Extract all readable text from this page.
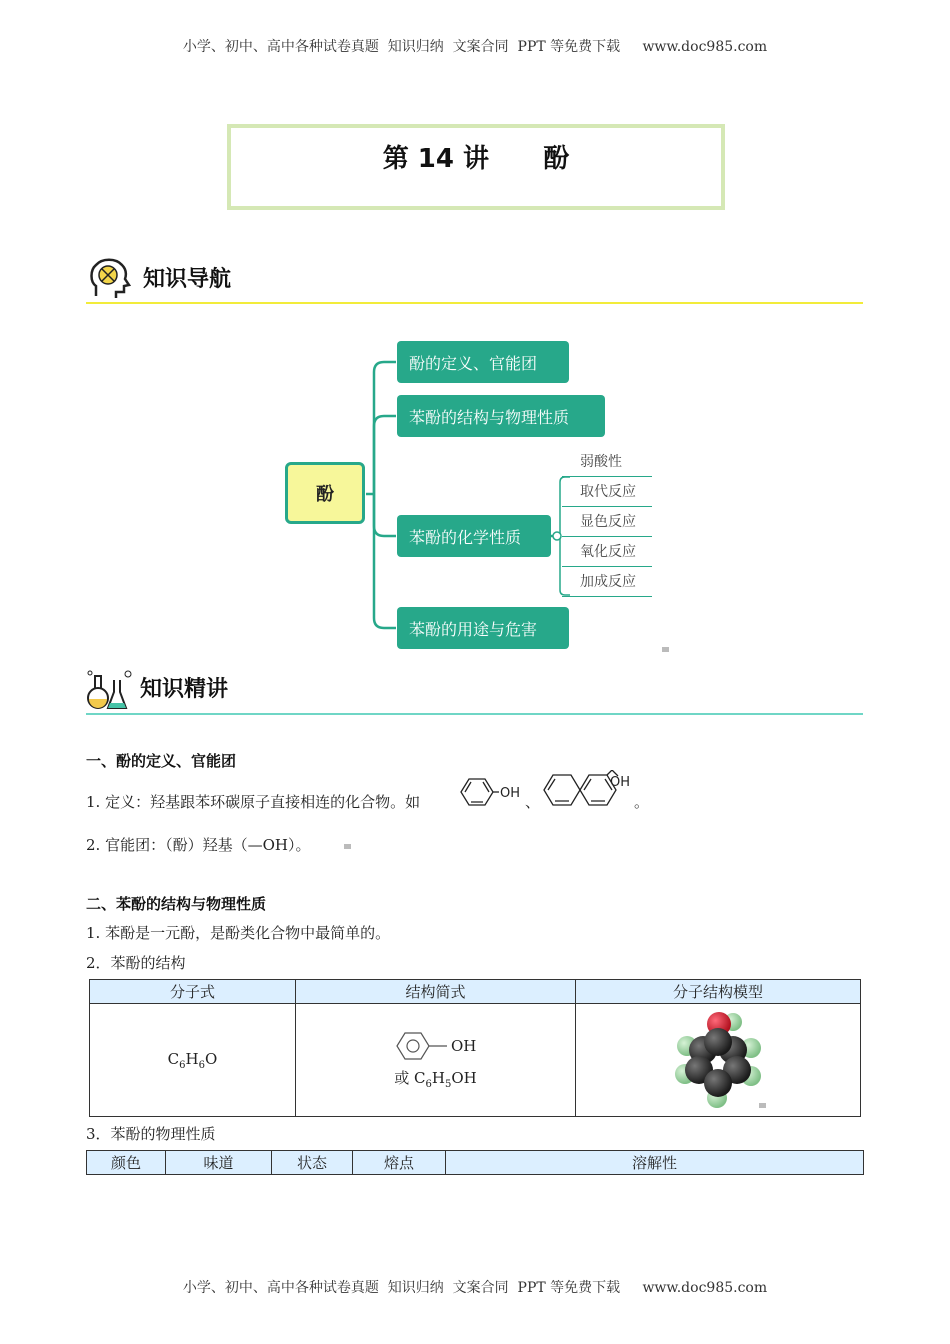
小学、初中、高中各种试卷真题  知识归纳  文案合同  PPT 等免费下载     www.doc985.com
第 14 讲      酚
知识导航
酚
酚的定义、官能团
苯酚的结构与物理性质
苯酚的化学性质
苯酚的用途与危害
弱酸性
取代反应
显色反应
氧化反应
加成反应
知识精讲
一、酚的定义、官能团
1. 定义：羟基跟苯环碳原子直接相连的化合物。如	OH 、
OH
。
2. 官能团：（酚）羟基（—OH）。
二、苯酚的结构与物理性质
1. 苯酚是一元酚，是酚类化合物中最简单的。
2．苯酚的结构
分子式	结构简式	分子结构模型
$C_6H_6O$	OH
或 $C_6H_5OH$

3．苯酚的物理性质
颜色	味道	状态	熔点	溶解性
小学、初中、高中各种试卷真题  知识归纳  文案合同  PPT 等免费下载     www.doc985.com
